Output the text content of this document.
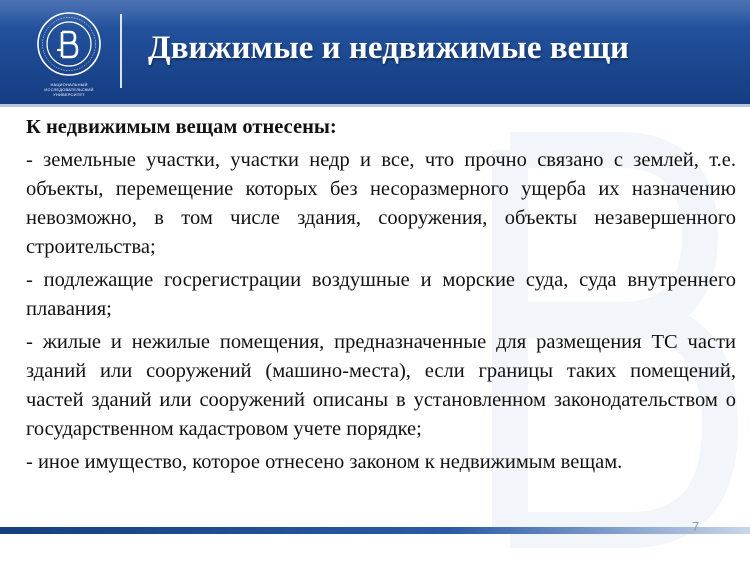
НАЦИОНАЛЬНЫЙ ИССЛЕДОВАТЕЛЬСКИЙ
УНИВЕРСИТЕТ
Движимые и недвижимые вещи

К недвижимым вещам отнесены:

- земельные участки, участки недр и все, что прочно связано с землей, т.е. объекты, перемещение которых без несоразмерного ущерба их назначению невозможно, в том числе здания, сооружения, объекты незавершенного строительства;

- подлежащие госрегистрации воздушные и морские суда, суда внутреннего плавания;

- жилые и нежилые помещения, предназначенные для размещения ТС части зданий или сооружений (машино-места), если границы таких помещений, частей зданий или сооружений описаны в установленном законодательством о государственном кадастровом учете порядке;

- иное имущество, которое отнесено законом к недвижимым вещам.

7
